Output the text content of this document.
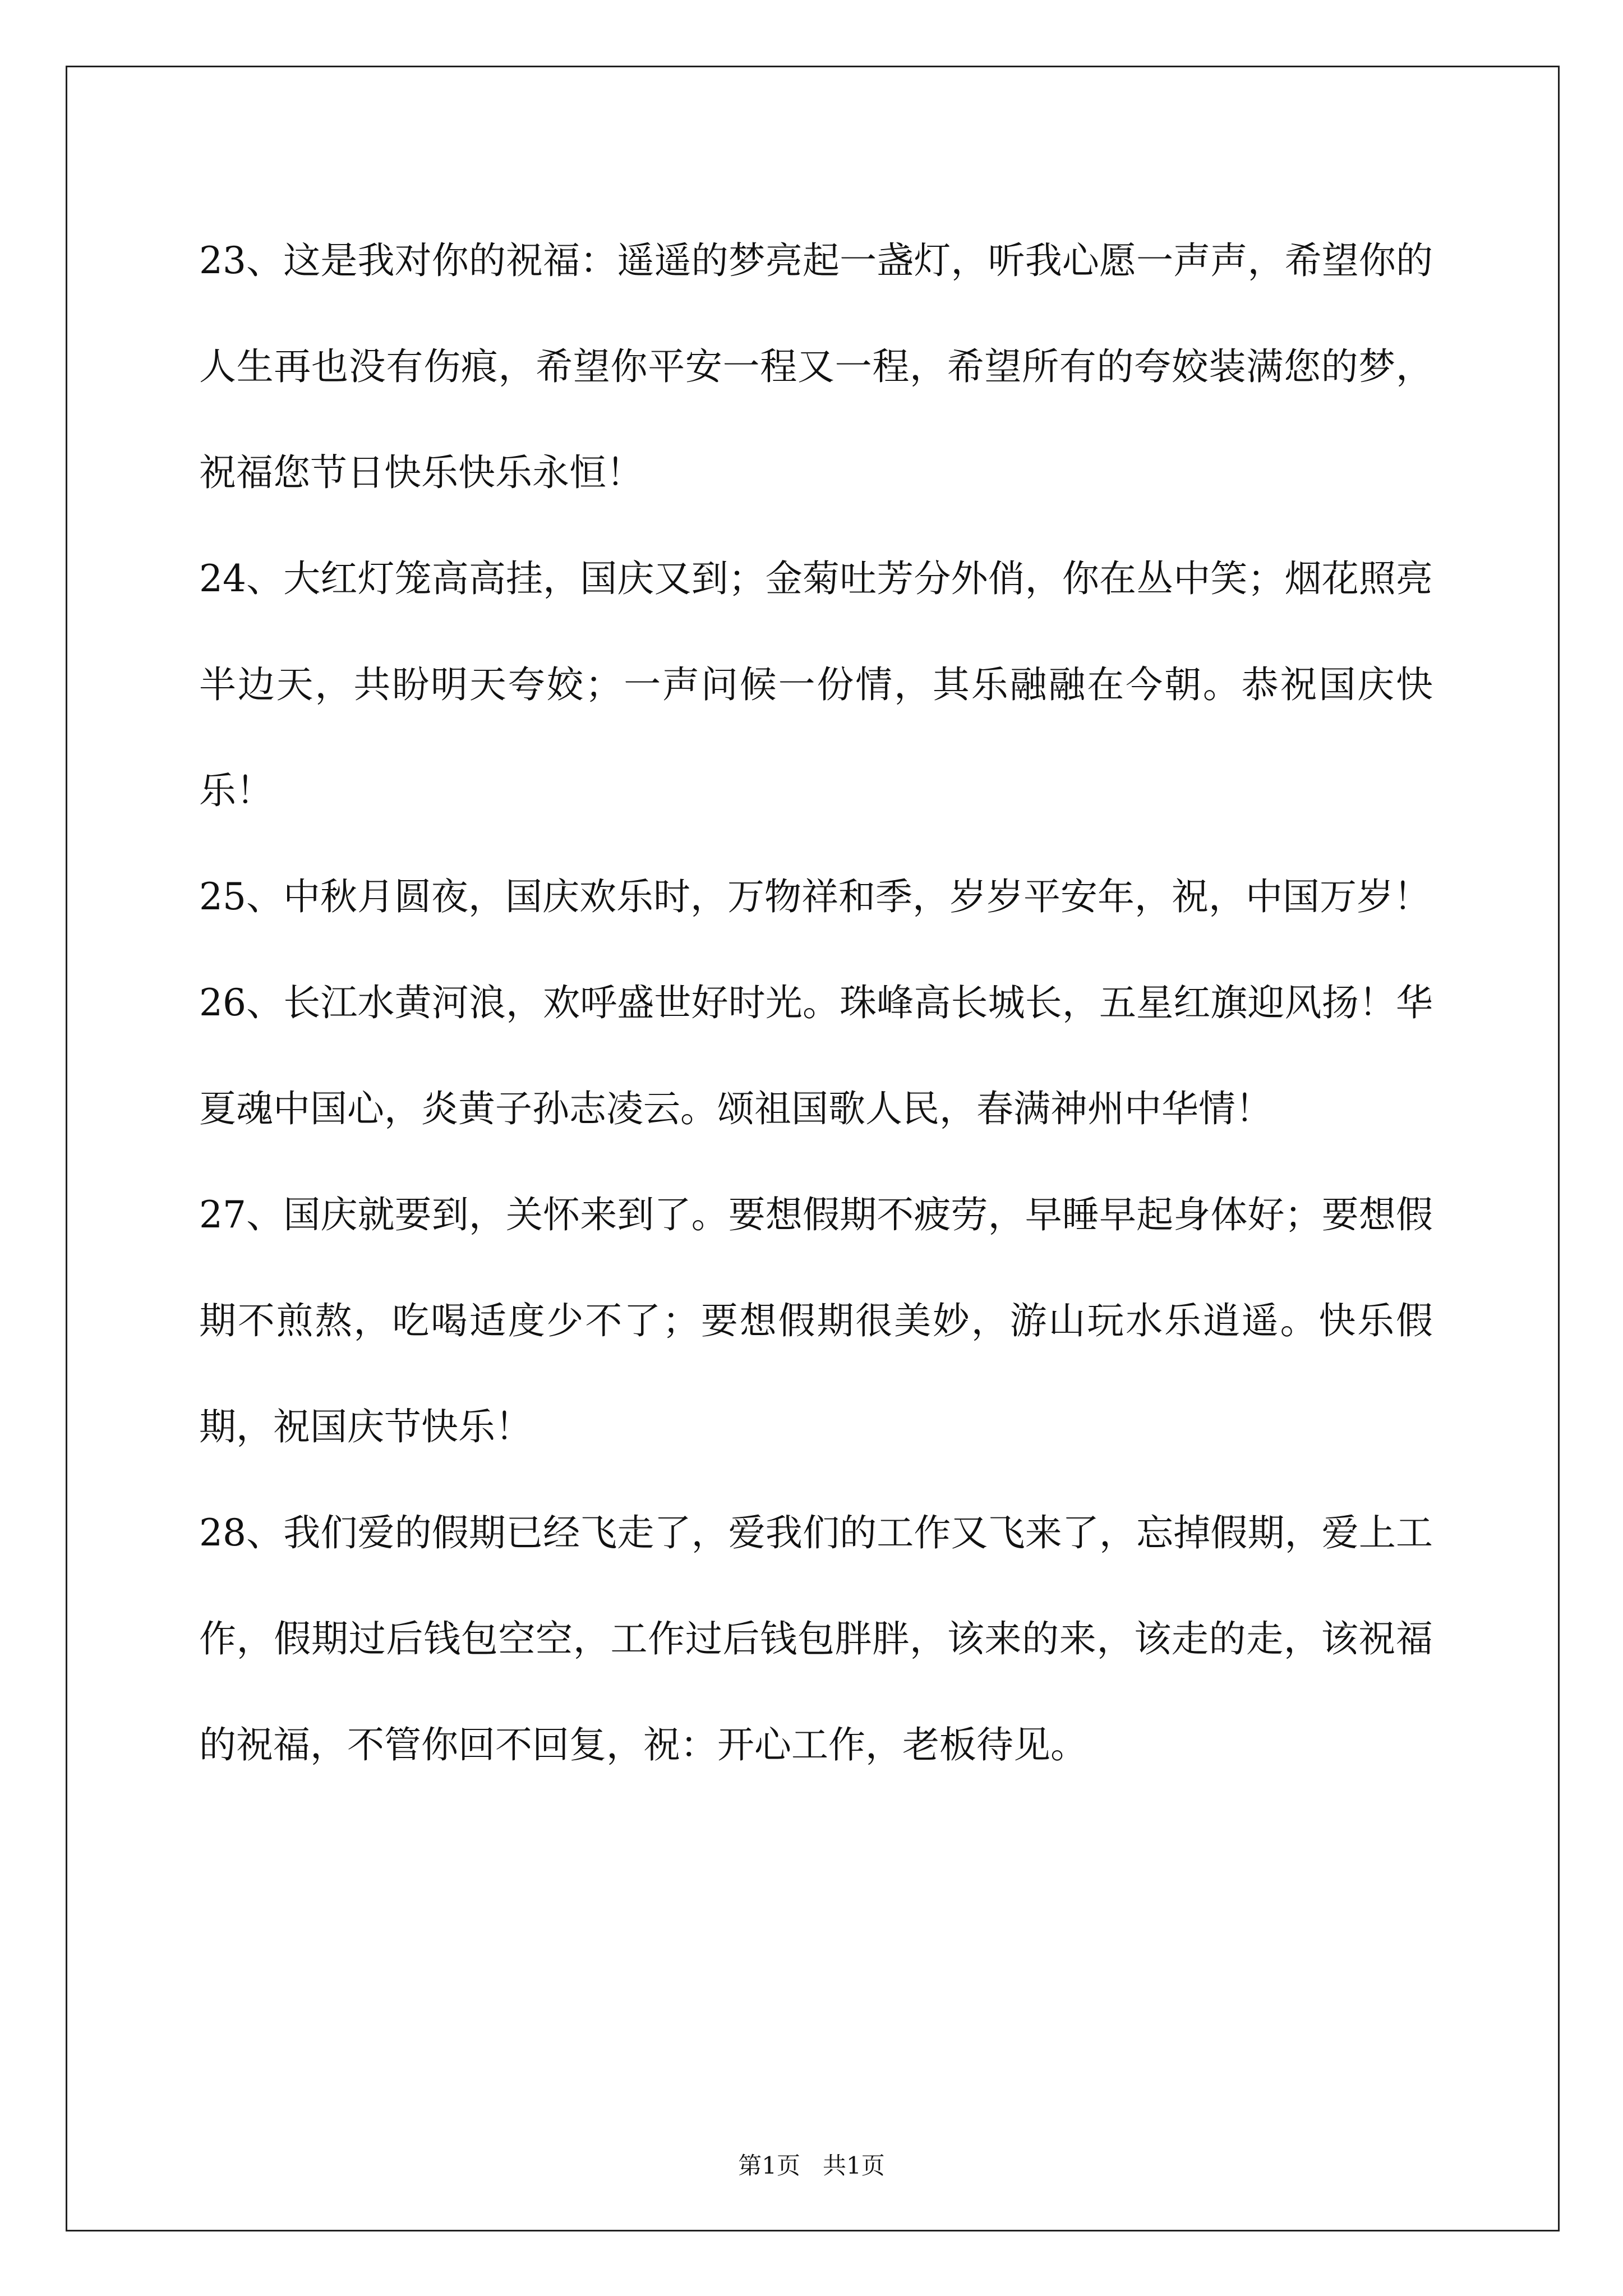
23、这是我对你的祝福：遥遥的梦亮起一盏灯，听我心愿一声声，希望你的人生再也没有伤痕，希望你平安一程又一程，希望所有的夸姣装满您的梦，祝福您节日快乐快乐永恒！

24、大红灯笼高高挂，国庆又到；金菊吐芳分外俏，你在丛中笑；烟花照亮半边天，共盼明天夸姣；一声问候一份情，其乐融融在今朝。恭祝国庆快乐！

25、中秋月圆夜，国庆欢乐时，万物祥和季，岁岁平安年，祝，中国万岁！

26、长江水黄河浪，欢呼盛世好时光。珠峰高长城长，五星红旗迎风扬！华夏魂中国心，炎黄子孙志凌云。颂祖国歌人民，春满神州中华情！

27、国庆就要到，关怀来到了。要想假期不疲劳，早睡早起身体好；要想假期不煎熬，吃喝适度少不了；要想假期很美妙，游山玩水乐逍遥。快乐假期，祝国庆节快乐！

28、我们爱的假期已经飞走了，爱我们的工作又飞来了，忘掉假期，爱上工作，假期过后钱包空空，工作过后钱包胖胖，该来的来，该走的走，该祝福的祝福，不管你回不回复，祝：开心工作，老板待见。

第1页 共1页
